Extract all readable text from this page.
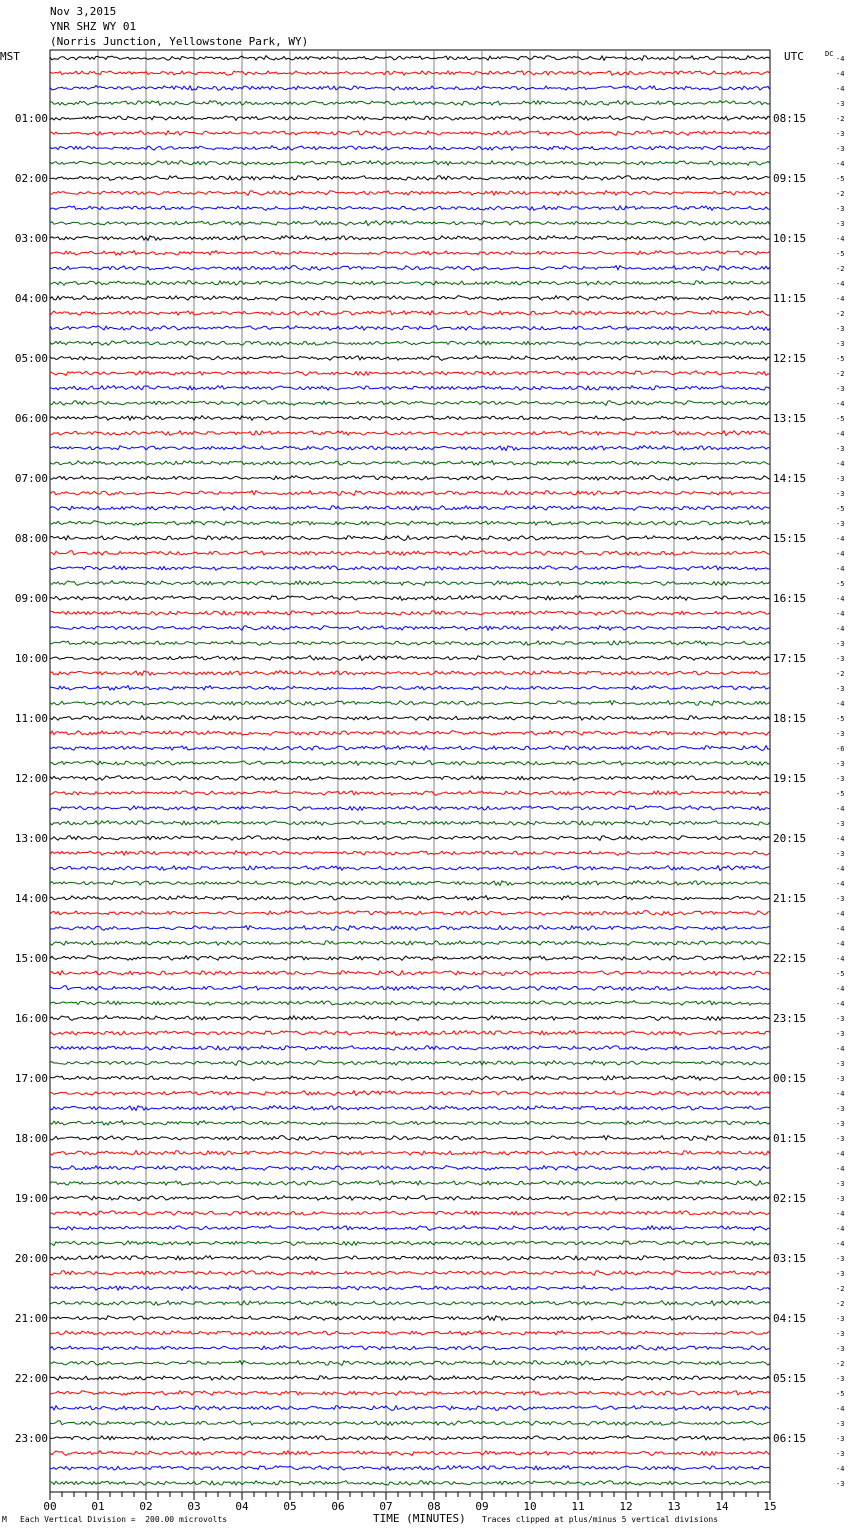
Nov 3,2015
YNR SHZ WY 01
(Norris Junction, Yellowstone Park, WY)
-4
-4
-4
-3
-2
-3
-3
-4
-5
-2
-3
-3
-4
-5
-2
-4
-4
-2
-3
-3
-5
-2
-3
-4
-5
-4
-3
-4
-3
-3
-5
-3
-4
-4
-4
-5
-4
-4
-4
-3
-3
-2
-3
-4
-5
-3
-6
-3
-3
-5
-4
-3
-4
-3
-4
-4
-3
-4
-4
-4
-4
-5
-4
-4
-3
-3
-4
-3
-3
-4
-3
-3
-3
-4
-4
-3
-3
-4
-4
-4
-3
-3
-2
-2
-3
-3
-3
-2
-3
-5
-4
-3
-3
-3
-4
-3
01:00
02:00
03:00
04:00
05:00
06:00
07:00
08:00
09:00
10:00
11:00
12:00
13:00
14:00
15:00
16:00
17:00
18:00
19:00
20:00
21:00
22:00
23:00
08:15
09:15
10:15
11:15
12:15
13:15
14:15
15:15
16:15
17:15
18:15
19:15
20:15
21:15
22:15
23:15
00:15
01:15
02:15
03:15
04:15
05:15
06:15
MST	UTC	DC
00	01	02	03	04	05	06	07	08	09	10	11	12	13	14	15
TIME (MINUTES)
M Each Vertical Division =  200.00 microvolts	Traces clipped at plus/minus 5 vertical divisions
